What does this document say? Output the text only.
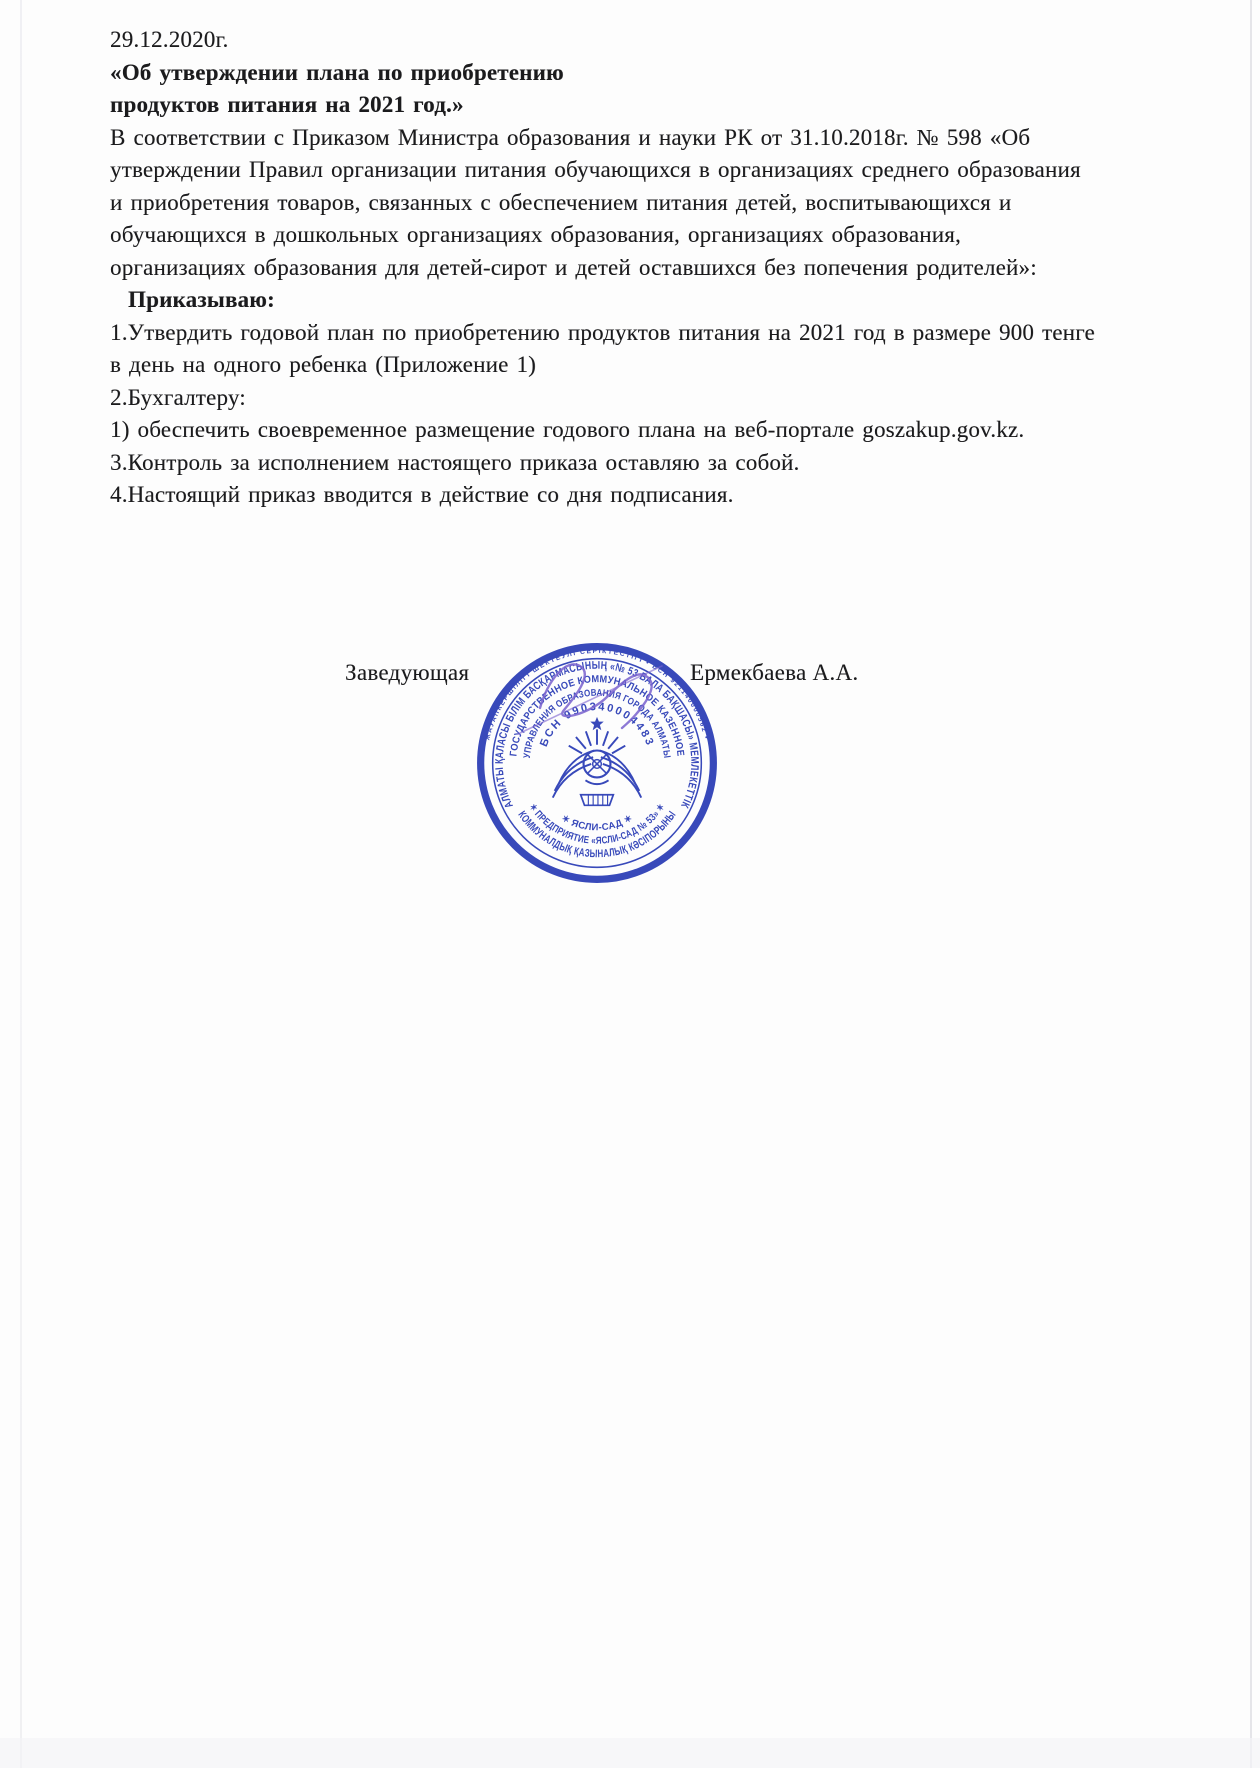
29.12.2020г.
«Об утверждении плана по приобретению
продуктов питания на 2021 год.»
В соответствии с Приказом Министра образования и науки РК от 31.10.2018г. № 598 «Об
утверждении Правил организации питания обучающихся в организациях среднего образования
и приобретения товаров, связанных с обеспечением питания детей, воспитывающихся и
обучающихся в дошкольных организациях образования, организациях образования,
организациях образования для детей-сирот и детей оставшихся без попечения родителей»:
Приказываю:
1.Утвердить годовой план по приобретению продуктов питания на 2021 год в размере 900 тенге
в день на одного ребенка (Приложение 1)
2.Бухгалтеру:
1) обеспечить своевременное размещение годового плана на веб-портале goszakup.gov.kz.
3.Контроль за исполнением настоящего приказа оставляю за собой.
4.Настоящий приказ вводится в действие со дня подписания.
Заведующая	Ермекбаева А.А.
ЖАУАПКЕРШІЛІГІ ШЕКТЕУЛІ СЕРІКТЕСТІГІ • БСН 921140000562 •
АЛМАТЫ ҚАЛАСЫ БІЛІМ БАСҚАРМАСЫНЫҢ «№ 53 БАЛА БАҚШАСЫ» МЕМЛЕКЕТТІК
КОММУНАЛДЫҚ ҚАЗЫНАЛЫҚ КӘСІПОРЫНЫ
ГОСУДАРСТВЕННОЕ КОММУНАЛЬНОЕ КАЗЕННОЕ
✶ ПРЕДПРИЯТИЕ «ЯСЛИ-САД № 53» ✶
УПРАВЛЕНИЯ ОБРАЗОВАНИЯ ГОРОДА АЛМАТЫ
✶ ЯСЛИ-САД ✶
БСН 990340004483
